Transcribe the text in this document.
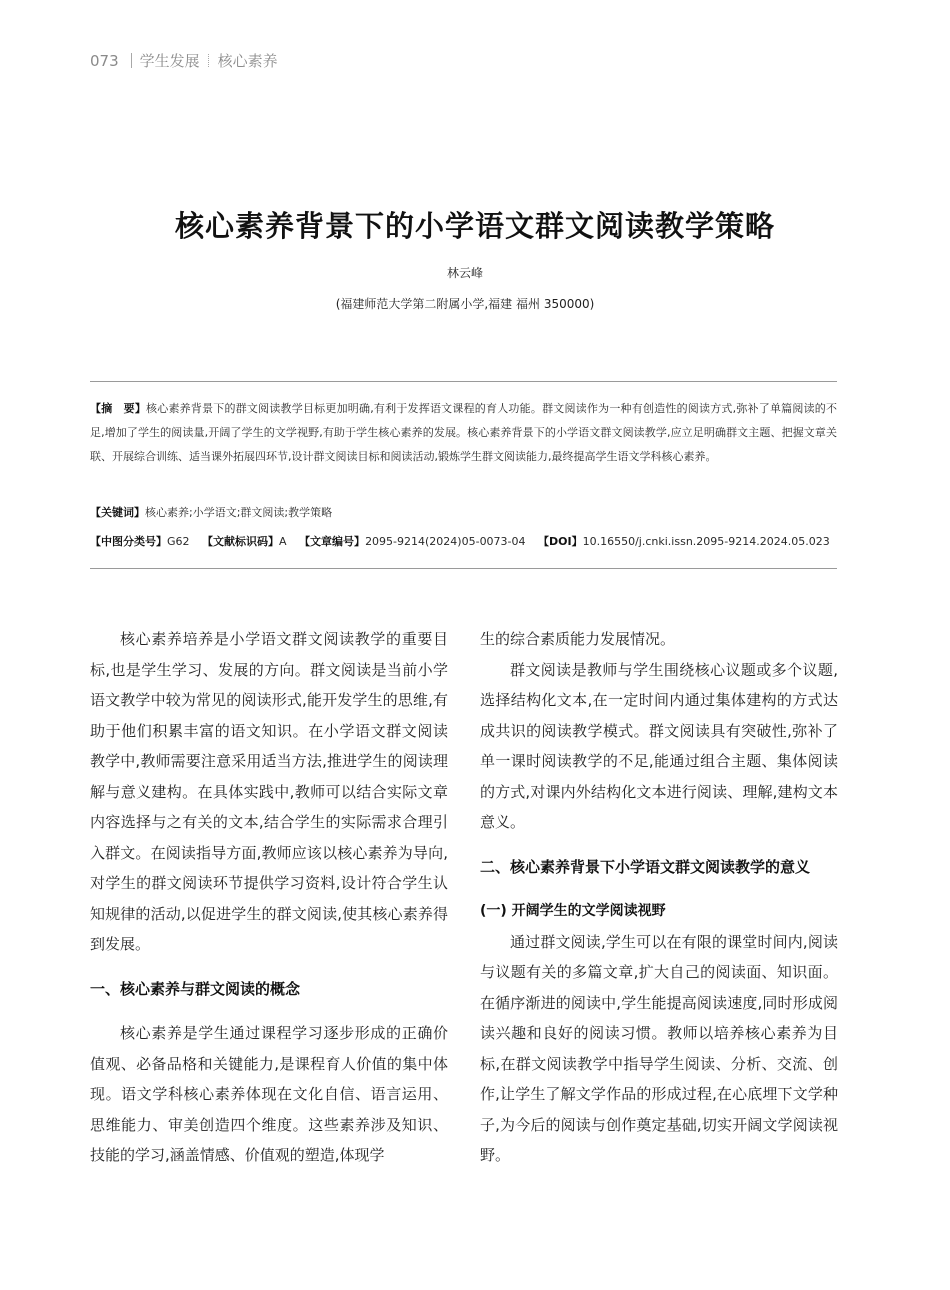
073 学生发展 核心素养
核心素养背景下的小学语文群文阅读教学策略
林云峰
(福建师范大学第二附属小学,福建 福州 350000)
【摘　要】核心素养背景下的群文阅读教学目标更加明确,有利于发挥语文课程的育人功能。群文阅读作为一种有创造性的阅读方式,弥补了单篇阅读的不足,增加了学生的阅读量,开阔了学生的文学视野,有助于学生核心素养的发展。核心素养背景下的小学语文群文阅读教学,应立足明确群文主题、把握文章关联、开展综合训练、适当课外拓展四环节,设计群文阅读目标和阅读活动,锻炼学生群文阅读能力,最终提高学生语文学科核心素养。
【关键词】核心素养;小学语文;群文阅读;教学策略
【中图分类号】G62 【文献标识码】A 【文章编号】2095-9214(2024)05-0073-04 【DOI】10.16550/j.cnki.issn.2095-9214.2024.05.023

核心素养培养是小学语文群文阅读教学的重要目标,也是学生学习、发展的方向。群文阅读是当前小学语文教学中较为常见的阅读形式,能开发学生的思维,有助于他们积累丰富的语文知识。在小学语文群文阅读教学中,教师需要注意采用适当方法,推进学生的阅读理解与意义建构。在具体实践中,教师可以结合实际文章内容选择与之有关的文本,结合学生的实际需求合理引入群文。在阅读指导方面,教师应该以核心素养为导向,对学生的群文阅读环节提供学习资料,设计符合学生认知规律的活动,以促进学生的群文阅读,使其核心素养得到发展。

一、核心素养与群文阅读的概念

核心素养是学生通过课程学习逐步形成的正确价值观、必备品格和关键能力,是课程育人价值的集中体现。语文学科核心素养体现在文化自信、语言运用、思维能力、审美创造四个维度。这些素养涉及知识、技能的学习,涵盖情感、价值观的塑造,体现学

生的综合素质能力发展情况。

群文阅读是教师与学生围绕核心议题或多个议题,选择结构化文本,在一定时间内通过集体建构的方式达成共识的阅读教学模式。群文阅读具有突破性,弥补了单一课时阅读教学的不足,能通过组合主题、集体阅读的方式,对课内外结构化文本进行阅读、理解,建构文本意义。

二、核心素养背景下小学语文群文阅读教学的意义
(一) 开阔学生的文学阅读视野

通过群文阅读,学生可以在有限的课堂时间内,阅读与议题有关的多篇文章,扩大自己的阅读面、知识面。在循序渐进的阅读中,学生能提高阅读速度,同时形成阅读兴趣和良好的阅读习惯。教师以培养核心素养为目标,在群文阅读教学中指导学生阅读、分析、交流、创作,让学生了解文学作品的形成过程,在心底埋下文学种子,为今后的阅读与创作奠定基础,切实开阔文学阅读视野。
